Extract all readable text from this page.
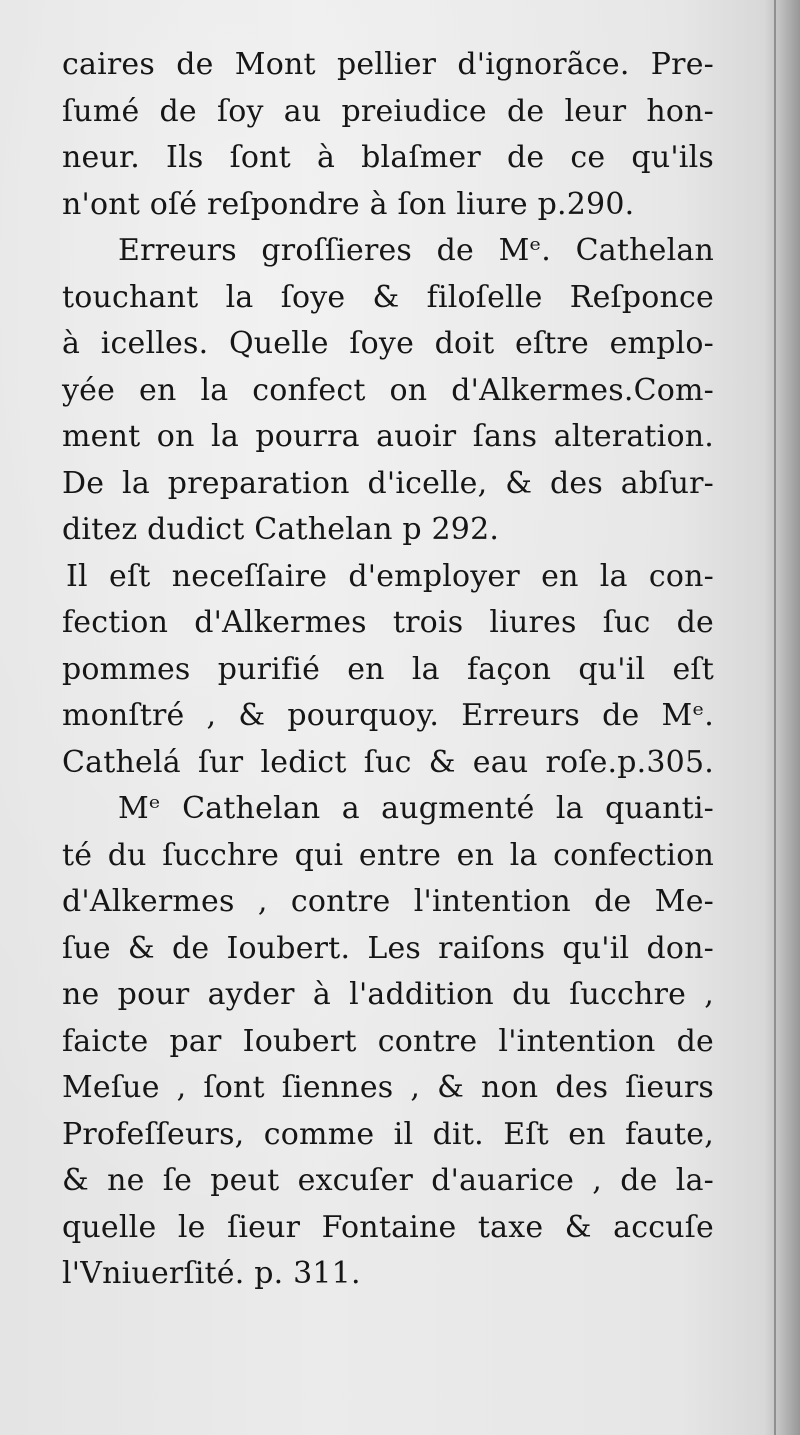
caires de Mont pellier d'ignorãce. Pre-
ſumé de ſoy au preiudice de leur hon-
neur. Ils ſont à blaſmer de ce qu'ils
n'ont oſé reſpondre à ſon liure p.290.
Erreurs groſſieres de Mᵉ. Cathelan
touchant la ſoye & filoſelle Reſponce
à icelles. Quelle ſoye doit eſtre emplo-
yée en la confect on d'Alkermes.Com-
ment on la pourra auoir ſans alteration.
De la preparation d'icelle, & des abſur-
ditez dudict Cathelan p 292.
Il eſt neceſſaire d'employer en la con-
fection d'Alkermes trois liures ſuc de
pommes purifié en la façon qu'il eſt
monſtré , & pourquoy. Erreurs de Mᵉ.
Cathelá ſur ledict ſuc & eau roſe.p.305.
Mᵉ Cathelan a augmenté la quanti-
té du ſucchre qui entre en la confection
d'Alkermes , contre l'intention de Me-
ſue & de Ioubert. Les raiſons qu'il don-
ne pour ayder à l'addition du ſucchre ,
faicte par Ioubert contre l'intention de
Meſue , ſont ſiennes , & non des ſieurs
Profeſſeurs, comme il dit. Eſt en faute,
& ne ſe peut excuſer d'auarice , de la-
quelle le ſieur Fontaine taxe & accuſe
l'Vniuerſité. p. 311.
